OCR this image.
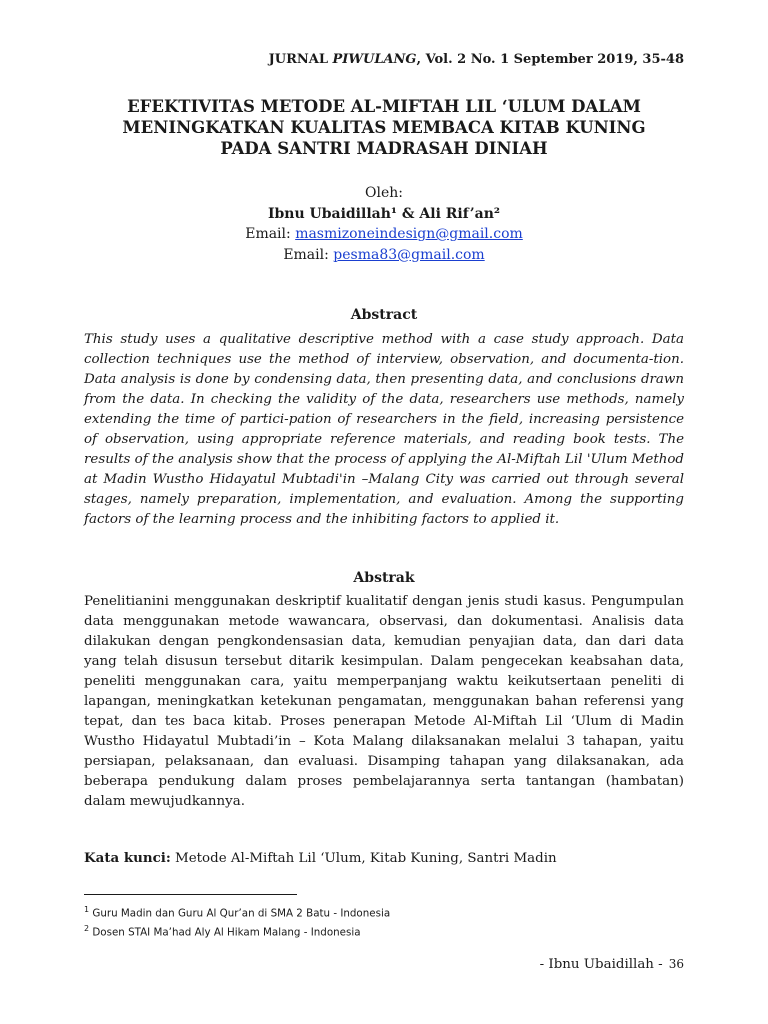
JURNAL PIWULANG, Vol. 2 No. 1 September 2019, 35-48
EFEKTIVITAS METODE AL-MIFTAH LIL ‘ULUM DALAM
MENINGKATKAN KUALITAS MEMBACA KITAB KUNING
PADA SANTRI MADRASAH DINIAH
Oleh:
Ibnu Ubaidillah¹ & Ali Rif’an²
Email: masmizoneindesign@gmail.com
Email: pesma83@gmail.com
Abstract
This study uses a qualitative descriptive method with a case study approach. Data collection techniques use the method of interview, observation, and documenta-tion. Data analysis is done by condensing data, then presenting data, and conclusions drawn from the data. In checking the validity of the data, researchers use methods, namely extending the time of partici-pation of researchers in the field, increasing persistence of observation, using appropriate reference materials, and reading book tests. The results of the analysis show that the process of applying the Al-Miftah Lil 'Ulum Method at Madin Wustho Hidayatul Mubtadi'in –Malang City was carried out through several stages, namely preparation, implementation, and evaluation. Among the supporting factors of the learning process and the inhibiting factors to applied it.
Abstrak
Penelitianini menggunakan deskriptif kualitatif dengan jenis studi kasus. Pengumpulan data menggunakan metode wawancara, observasi, dan dokumentasi. Analisis data dilakukan dengan pengkondensasian data, kemudian penyajian data, dan dari data yang telah disusun tersebut ditarik kesimpulan. Dalam pengecekan keabsahan data, peneliti menggunakan cara, yaitu memperpanjang waktu keikutsertaan peneliti di lapangan, meningkatkan ketekunan pengamatan, menggunakan bahan referensi yang tepat, dan tes baca kitab. Proses penerapan Metode Al-Miftah Lil ‘Ulum di Madin Wustho Hidayatul Mubtadi’in – Kota Malang dilaksanakan melalui 3 tahapan, yaitu persiapan, pelaksanaan, dan evaluasi. Disamping tahapan yang dilaksanakan, ada beberapa pendukung dalam proses pembelajarannya serta tantangan (hambatan) dalam mewujudkannya.
Kata kunci: Metode Al-Miftah Lil ‘Ulum, Kitab Kuning, Santri Madin
$^1$ Guru Madin dan Guru Al Qur’an di SMA 2 Batu - Indonesia
$^2$ Dosen STAI Ma’had Aly Al Hikam Malang - Indonesia
- Ibnu Ubaidillah - 36
